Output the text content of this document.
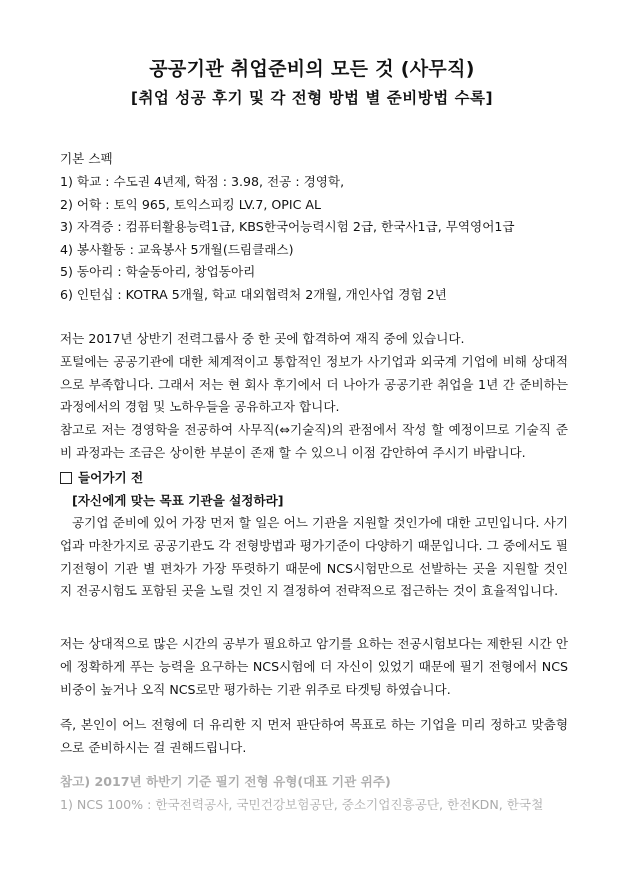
공공기관 취업준비의 모든 것 (사무직)
[취업 성공 후기 및 각 전형 방법 별 준비방법 수록]
기본 스펙
1) 학교 : 수도권 4년제, 학점 : 3.98, 전공 : 경영학,
2) 어학 : 토익 965, 토익스피킹 LV.7, OPIC AL
3) 자격증 : 컴퓨터활용능력1급, KBS한국어능력시험 2급, 한국사1급, 무역영어1급
4) 봉사활동 : 교육봉사 5개월(드림클래스)
5) 동아리 : 학술동아리, 창업동아리
6) 인턴십 : KOTRA 5개월, 학교 대외협력처 2개월, 개인사업 경험 2년

저는 2017년 상반기 전력그룹사 중 한 곳에 합격하여 재직 중에 있습니다.

포털에는 공공기관에 대한 체계적이고 통합적인 정보가 사기업과 외국계 기업에 비해 상대적으로 부족합니다. 그래서 저는 현 회사 후기에서 더 나아가 공공기관 취업을 1년 간 준비하는 과정에서의 경험 및 노하우들을 공유하고자 합니다.

참고로 저는 경영학을 전공하여 사무직(⇔기술직)의 관점에서 작성 할 예정이므로 기술직 준비 과정과는 조금은 상이한 부분이 존재 할 수 있으니 이점 감안하여 주시기 바랍니다.

들어가기 전
[자신에게 맞는 목표 기관을 설정하라]

공기업 준비에 있어 가장 먼저 할 일은 어느 기관을 지원할 것인가에 대한 고민입니다. 사기업과 마찬가지로 공공기관도 각 전형방법과 평가기준이 다양하기 때문입니다. 그 중에서도 필기전형이 기관 별 편차가 가장 뚜렷하기 때문에 NCS시험만으로 선발하는 곳을 지원할 것인 지 전공시험도 포함된 곳을 노릴 것인 지 결정하여 전략적으로 접근하는 것이 효율적입니다.

저는 상대적으로 많은 시간의 공부가 필요하고 암기를 요하는 전공시험보다는 제한된 시간 안에 정확하게 푸는 능력을 요구하는 NCS시험에 더 자신이 있었기 때문에 필기 전형에서 NCS비중이 높거나 오직 NCS로만 평가하는 기관 위주로 타겟팅 하였습니다.

즉, 본인이 어느 전형에 더 유리한 지 먼저 판단하여 목표로 하는 기업을 미리 정하고 맞춤형으로 준비하시는 걸 권해드립니다.

참고) 2017년 하반기 기준 필기 전형 유형(대표 기관 위주)
1) NCS 100% : 한국전력공사, 국민건강보험공단, 중소기업진흥공단, 한전KDN, 한국철
